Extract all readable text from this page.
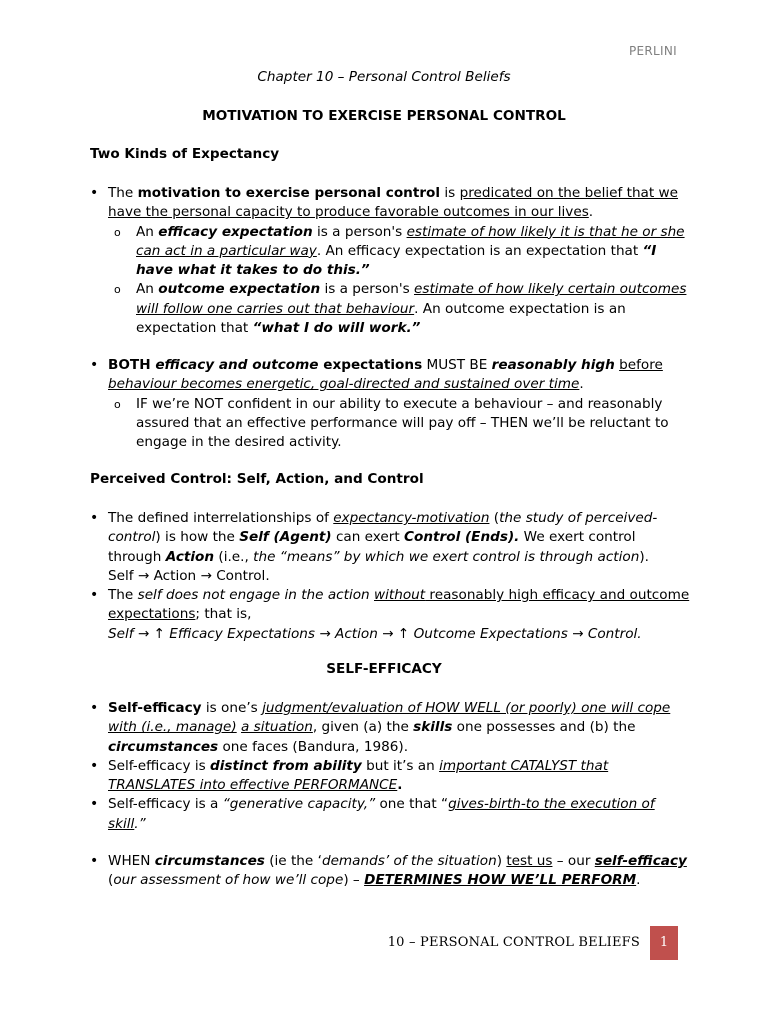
PERLINI
Chapter 10 – Personal Control Beliefs
MOTIVATION TO EXERCISE PERSONAL CONTROL
Two Kinds of Expectancy
• The motivation to exercise personal control is predicated on the belief that we have the personal capacity to produce favorable outcomes in our lives.
o An efficacy expectation is a person's estimate of how likely it is that he or she can act in a particular way. An efficacy expectation is an expectation that “I have what it takes to do this.”
o An outcome expectation is a person's estimate of how likely certain outcomes will follow one carries out that behaviour. An outcome expectation is an expectation that “what I do will work.”
• BOTH efficacy and outcome expectations MUST BE reasonably high before behaviour becomes energetic, goal-directed and sustained over time.
o IF we’re NOT confident in our ability to execute a behaviour – and reasonably assured that an effective performance will pay off – THEN we’ll be reluctant to engage in the desired activity.
Perceived Control: Self, Action, and Control
• The defined interrelationships of expectancy-motivation (the study of perceived-control) is how the Self (Agent) can exert Control (Ends). We exert control through Action (i.e., the “means” by which we exert control is through action).
Self → Action → Control.
• The self does not engage in the action without reasonably high efficacy and outcome expectations; that is,
Self → ↑ Efficacy Expectations → Action → ↑ Outcome Expectations → Control.
SELF-EFFICACY
• Self-efficacy is one’s judgment/evaluation of HOW WELL (or poorly) one will cope with (i.e., manage) a situation, given (a) the skills one possesses and (b) the circumstances one faces (Bandura, 1986).
• Self-efficacy is distinct from ability but it’s an important CATALYST that TRANSLATES into effective PERFORMANCE.
• Self-efficacy is a “generative capacity,” one that “gives-birth-to the execution of skill.”
• WHEN circumstances (ie the ‘demands’ of the situation) test us – our self-efficacy (our assessment of how we’ll cope) – DETERMINES HOW WE’LL PERFORM.
10 – PERSONAL CONTROL BELIEFS	1
